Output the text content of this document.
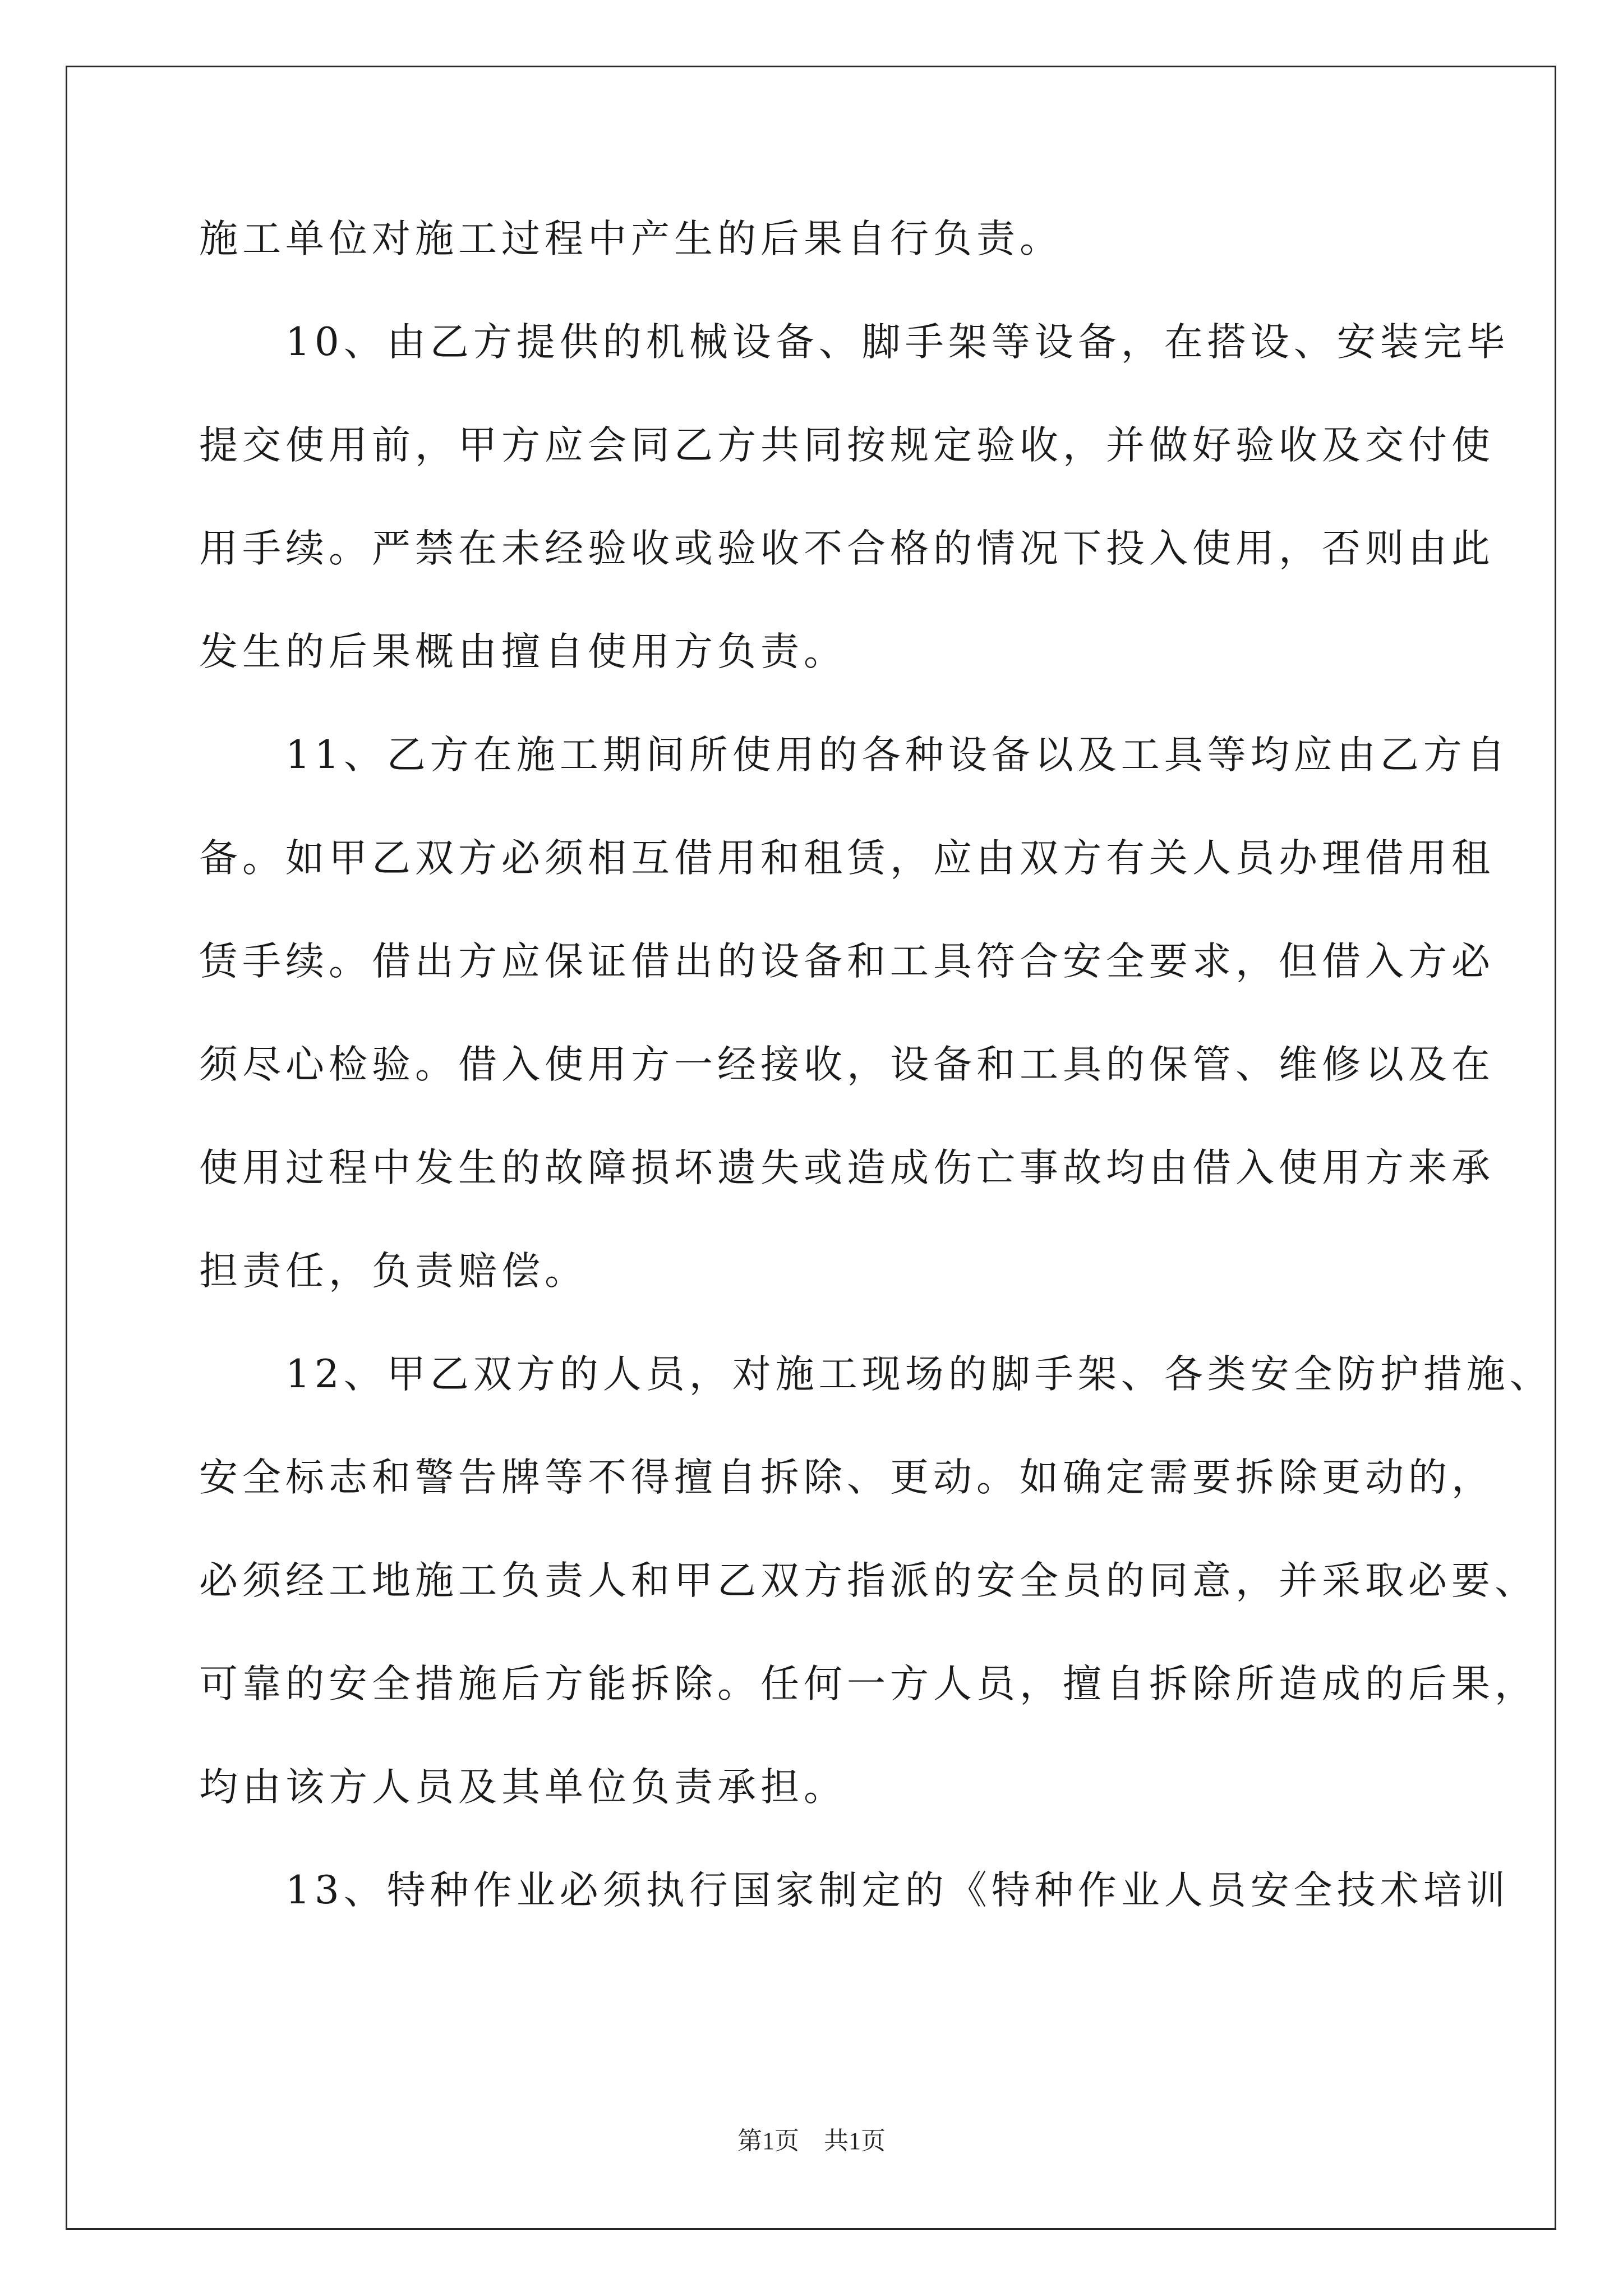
施工单位对施工过程中产生的后果自行负责。
　　10、由乙方提供的机械设备、脚手架等设备，在搭设、安装完毕
提交使用前，甲方应会同乙方共同按规定验收，并做好验收及交付使
用手续。严禁在未经验收或验收不合格的情况下投入使用，否则由此
发生的后果概由擅自使用方负责。
　　11、乙方在施工期间所使用的各种设备以及工具等均应由乙方自
备。如甲乙双方必须相互借用和租赁，应由双方有关人员办理借用租
赁手续。借出方应保证借出的设备和工具符合安全要求，但借入方必
须尽心检验。借入使用方一经接收，设备和工具的保管、维修以及在
使用过程中发生的故障损坏遗失或造成伤亡事故均由借入使用方来承
担责任，负责赔偿。
　　12、甲乙双方的人员，对施工现场的脚手架、各类安全防护措施、
安全标志和警告牌等不得擅自拆除、更动。如确定需要拆除更动的，
必须经工地施工负责人和甲乙双方指派的安全员的同意，并采取必要、
可靠的安全措施后方能拆除。任何一方人员，擅自拆除所造成的后果，
均由该方人员及其单位负责承担。
　　13、特种作业必须执行国家制定的《特种作业人员安全技术培训
第1页　共1页
